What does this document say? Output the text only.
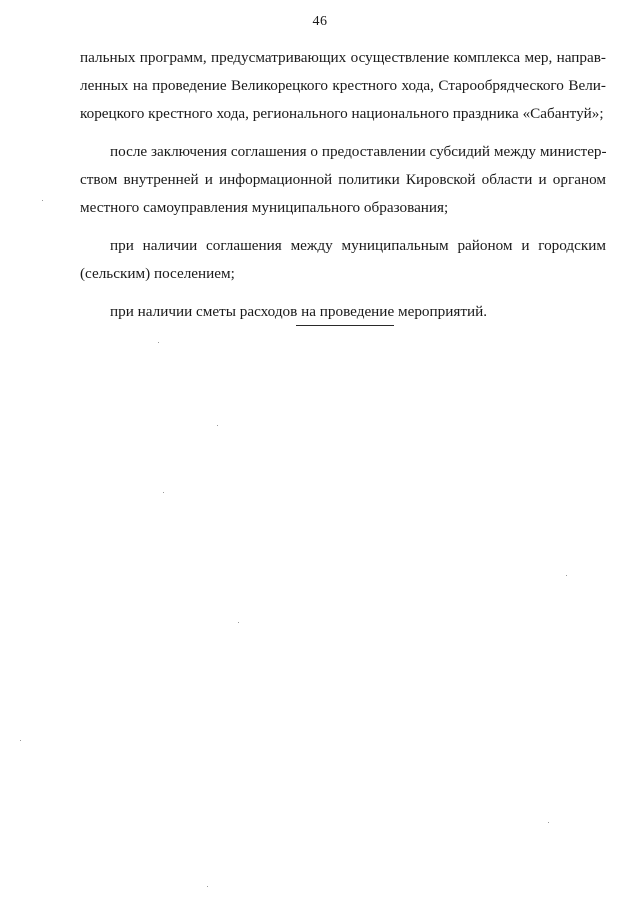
46

пальных программ, предусматривающих осуществление комплекса мер, направ-
ленных на проведение Великорецкого крестного хода, Старообрядческого Вели-
корецкого крестного хода, регионального национального праздника «Сабантуй»;

после заключения соглашения о предоставлении субсидий между министер-
ством внутренней и информационной политики Кировской области и органом
местного самоуправления муниципального образования;

при наличии соглашения между муниципальным районом и городским
(сельским) поселением;

при наличии сметы расходов на проведение мероприятий.
